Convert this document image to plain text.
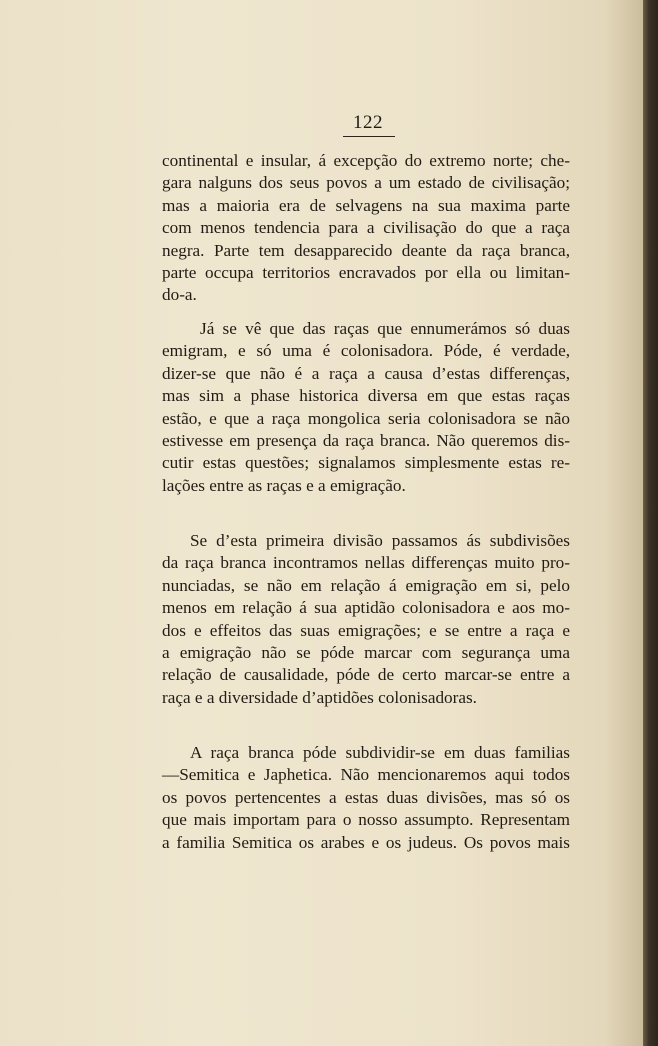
122
continental e insular, á excepção do extremo norte; che-
gara nalguns dos seus povos a um estado de civilisação;
mas a maioria era de selvagens na sua maxima parte
com menos tendencia para a civilisação do que a raça
negra. Parte tem desapparecido deante da raça branca,
parte occupa territorios encravados por ella ou limitan-
do-a.
Já se vê que das raças que ennumerámos só duas
emigram, e só uma é colonisadora. Póde, é verdade,
dizer-se que não é a raça a causa d’estas differenças,
mas sim a phase historica diversa em que estas raças
estão, e que a raça mongolica seria colonisadora se não
estivesse em presença da raça branca. Não queremos dis-
cutir estas questões; signalamos simplesmente estas re-
lações entre as raças e a emigração.
Se d’esta primeira divisão passamos ás subdivisões
da raça branca incontramos nellas differenças muito pro-
nunciadas, se não em relação á emigração em si, pelo
menos em relação á sua aptidão colonisadora e aos mo-
dos e effeitos das suas emigrações; e se entre a raça e
a emigração não se póde marcar com segurança uma
relação de causalidade, póde de certo marcar-se entre a
raça e a diversidade d’aptidões colonisadoras.
A raça branca póde subdividir-se em duas familias
—Semitica e Japhetica. Não mencionaremos aqui todos
os povos pertencentes a estas duas divisões, mas só os
que mais importam para o nosso assumpto. Representam
a familia Semitica os arabes e os judeus. Os povos mais
